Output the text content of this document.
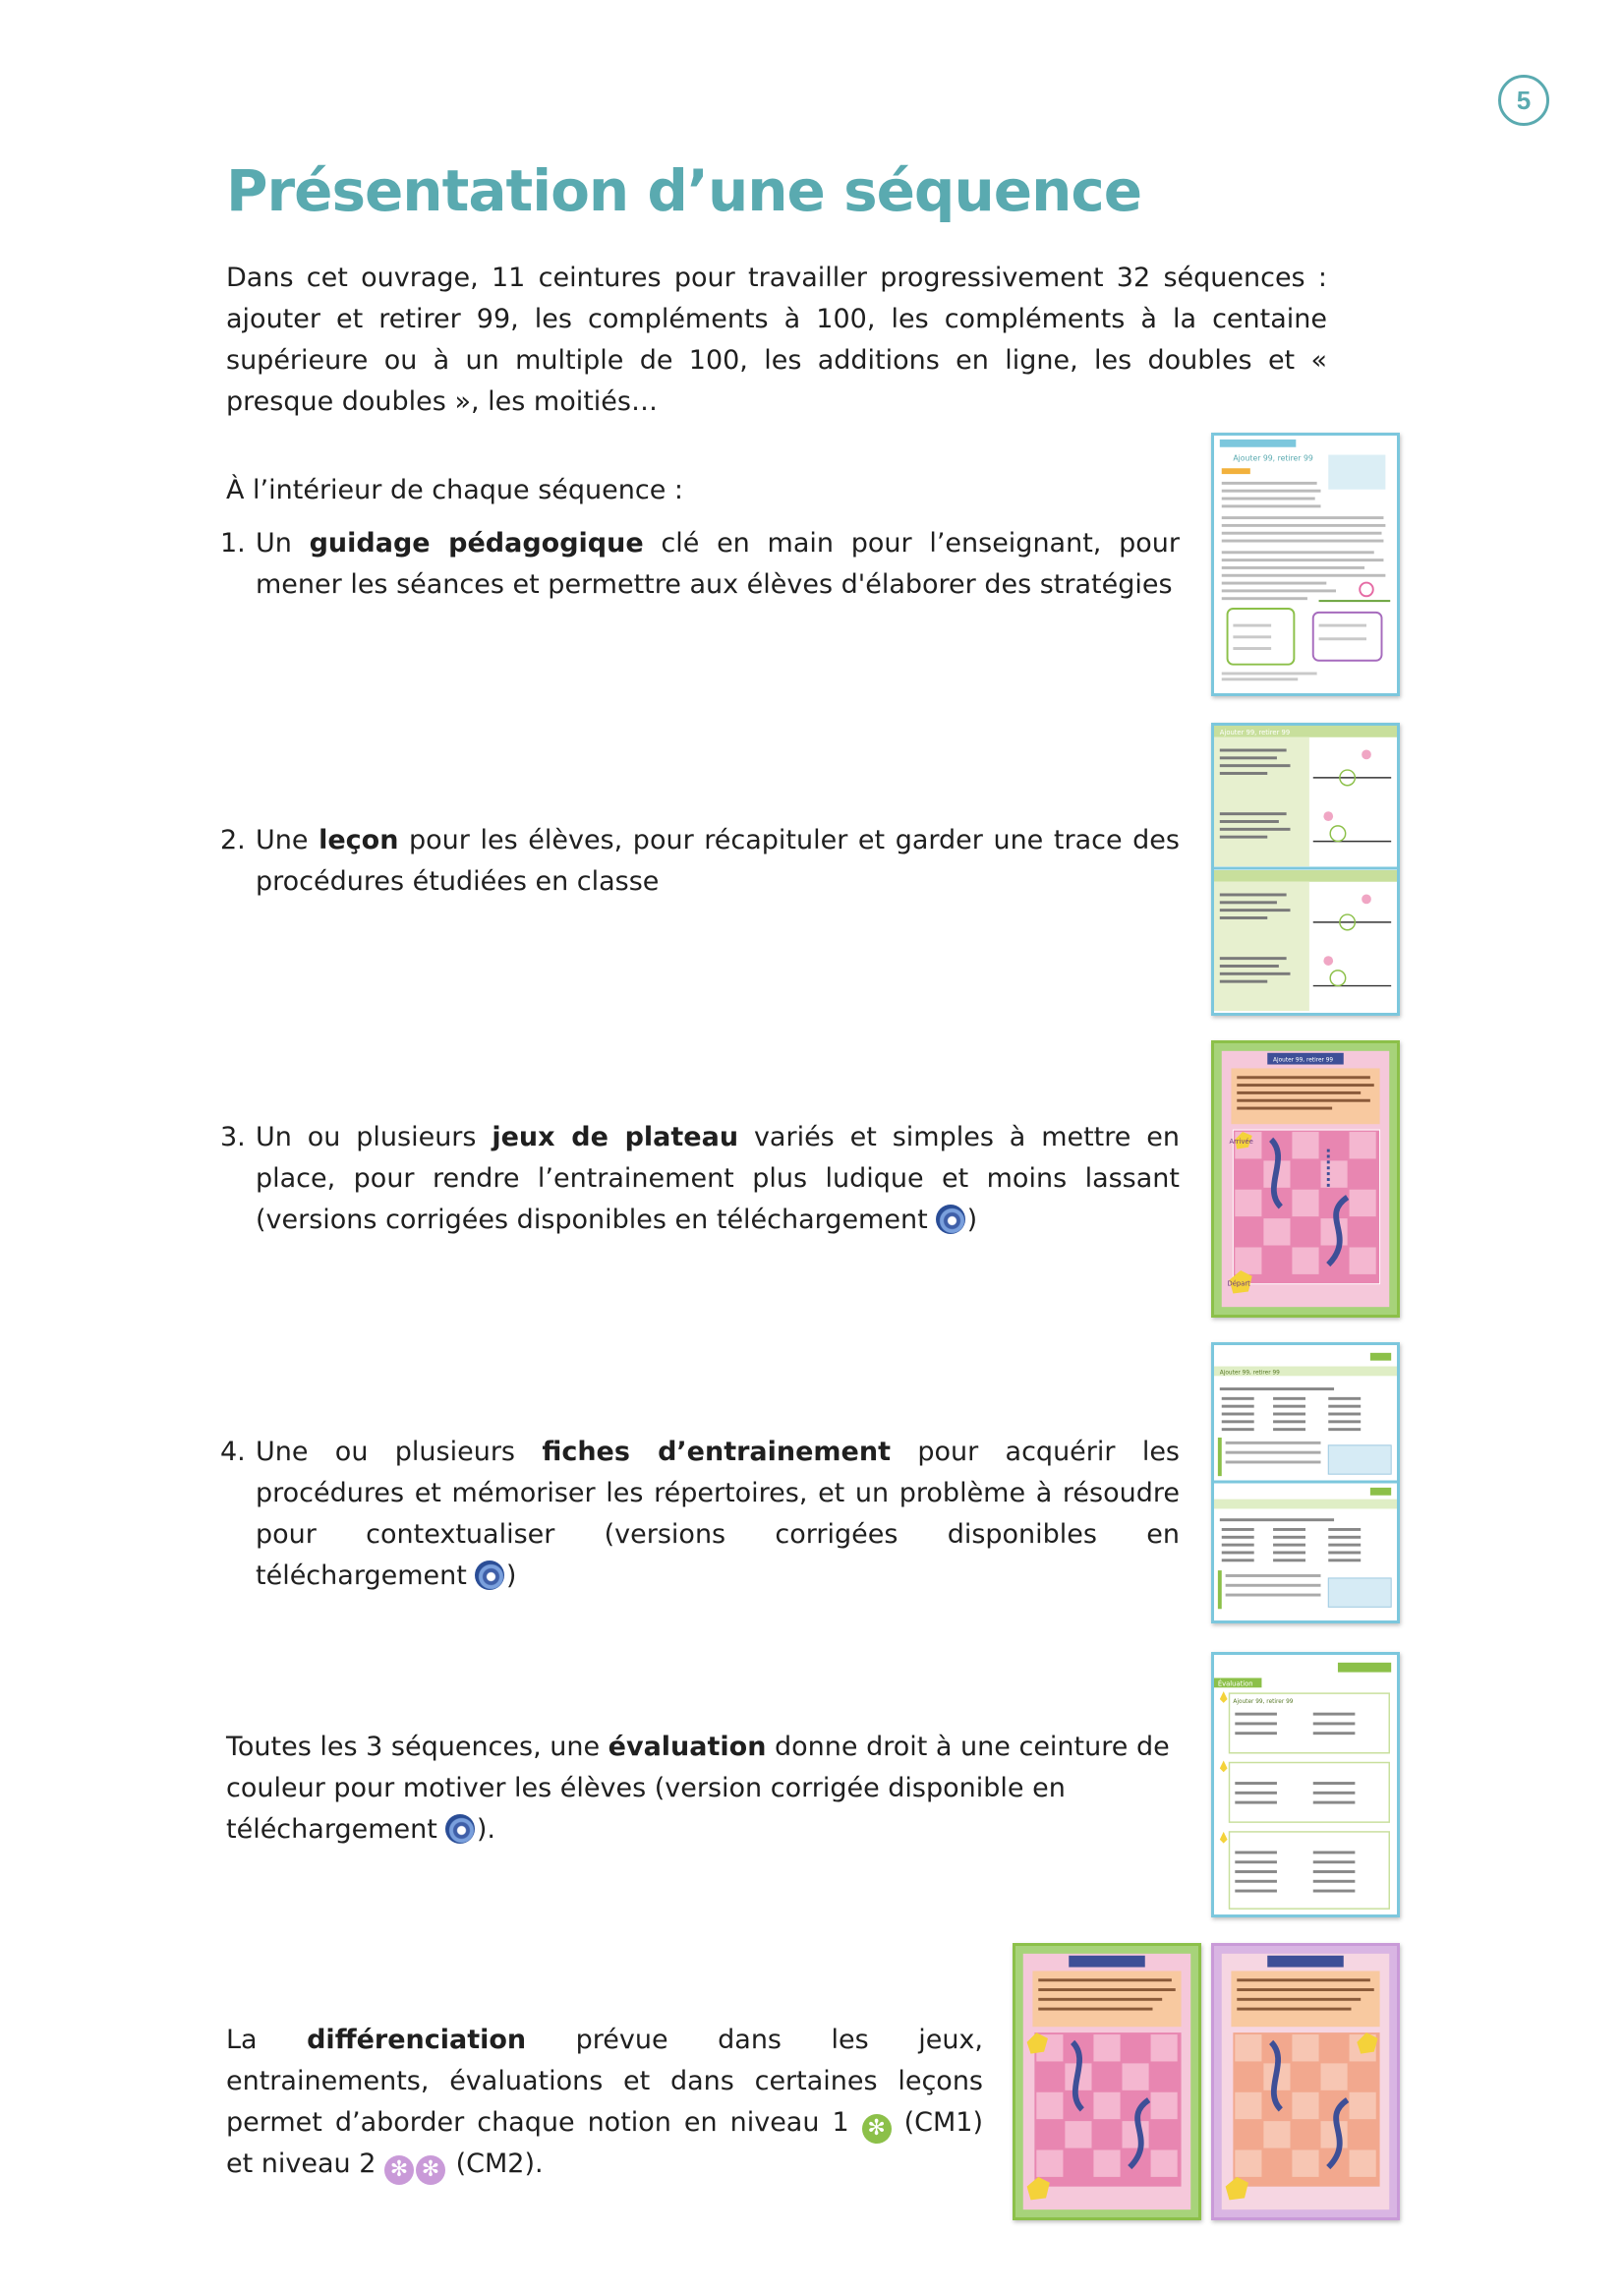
5
Présentation d’une séquence

Dans cet ouvrage, 11 ceintures pour travailler progressivement 32 séquences : ajouter et retirer 99, les compléments à 100, les compléments à la centaine supérieure ou à un multiple de 100, les additions en ligne, les doubles et « presque doubles », les moitiés…

À l’intérieur de chaque séquence :

1. Un guidage pédagogique clé en main pour l’enseignant, pour mener les séances et permettre aux élèves d'élaborer des stratégies

2. Une leçon pour les élèves, pour récapituler et garder une trace des procédures étudiées en classe

3. Un ou plusieurs jeux de plateau variés et simples à mettre en place, pour rendre l’entrainement plus ludique et moins lassant (versions corrigées disponibles en téléchargement )

4. Une ou plusieurs fiches d’entrainement pour acquérir les procédures et mémoriser les répertoires, et un problème à résoudre pour contextualiser (versions corrigées disponibles en téléchargement )

Toutes les 3 séquences, une évaluation donne droit à une ceinture de couleur pour motiver les élèves (version corrigée disponible en téléchargement ).

La différenciation prévue dans les jeux, entrainements, évaluations et dans certaines leçons permet d’aborder chaque notion en niveau 1 ✻ (CM1) et niveau 2 ✻ ✻ (CM2).

Ajouter 99, retirer 99
Ajouter 99, retirer 99
Ajouter 99, retirer 99
Arrivée
Départ
Ajouter 99, retirer 99
Évaluation
Ajouter 99, retirer 99
